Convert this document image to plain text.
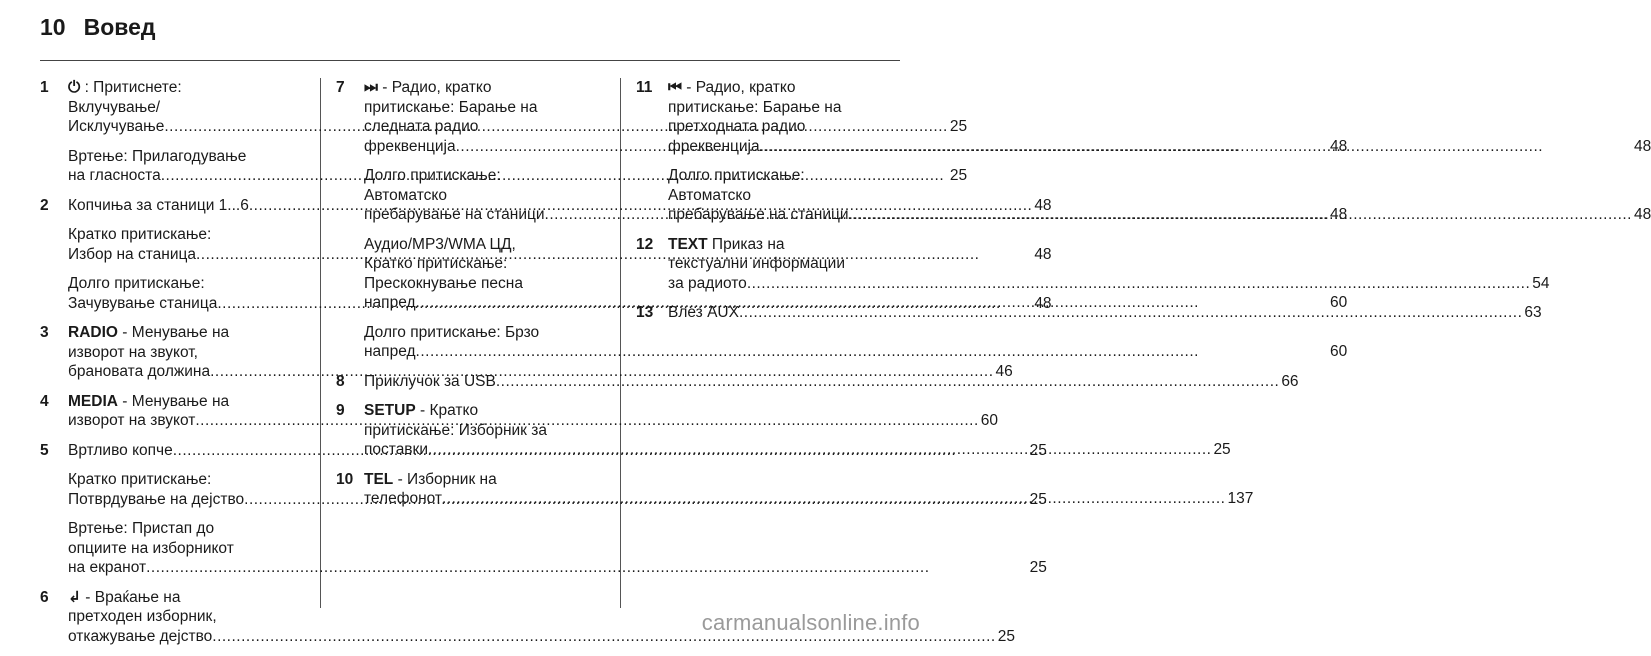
10 Вовед
1	⏻ : Притиснете:
Вклучување/
Исклучување .....	25
Вртење: Прилагодување
на гласноста .....	25
2	Копчиња за станици 1...6 .....	48
Кратко притискање:
Избор на станица .....	48
Долго притискање:
Зачувување станица .....	48
3	RADIO - Менување на
изворот на звукот,
брановата должина .....	46
4	MEDIA - Менување на
изворот на звукот .....	60
5	Вртливо копче .....	25
Кратко притискање:
Потврдување на дејство .....	25
Вртење: Пристап до
опциите на изборникот
на екранот .....	25
6	↲ - Враќање на
претходен изборник,
откажување дејство .....	25
7	⏭ - Радио, кратко
притискање: Барање на
следната радио
фреквенција .....	48
Долго притискање:
Автоматско
пребарување на станици .....	48
Аудио/MP3/WMA ЦД,
Кратко притискање:
Прескокнување песна
напред .....	60
Долго притискање: Брзо
напред .....	60
8	Приклучок за USB .....	66
9	SETUP - Кратко
притискање: Изборник за
поставки .....	25
10 TEL - Изборник на
телефонот .....	137
11	⏮ - Радио, кратко
притискање: Барање на
претходната радио
фреквенција .....	48
Долго притискање:
Автоматско
пребарување на станици .....	48
12 TEXT Приказ на
текстуални информации
за радиото .....	54
13 Влез AUX .....	63
carmanualsonline.info
